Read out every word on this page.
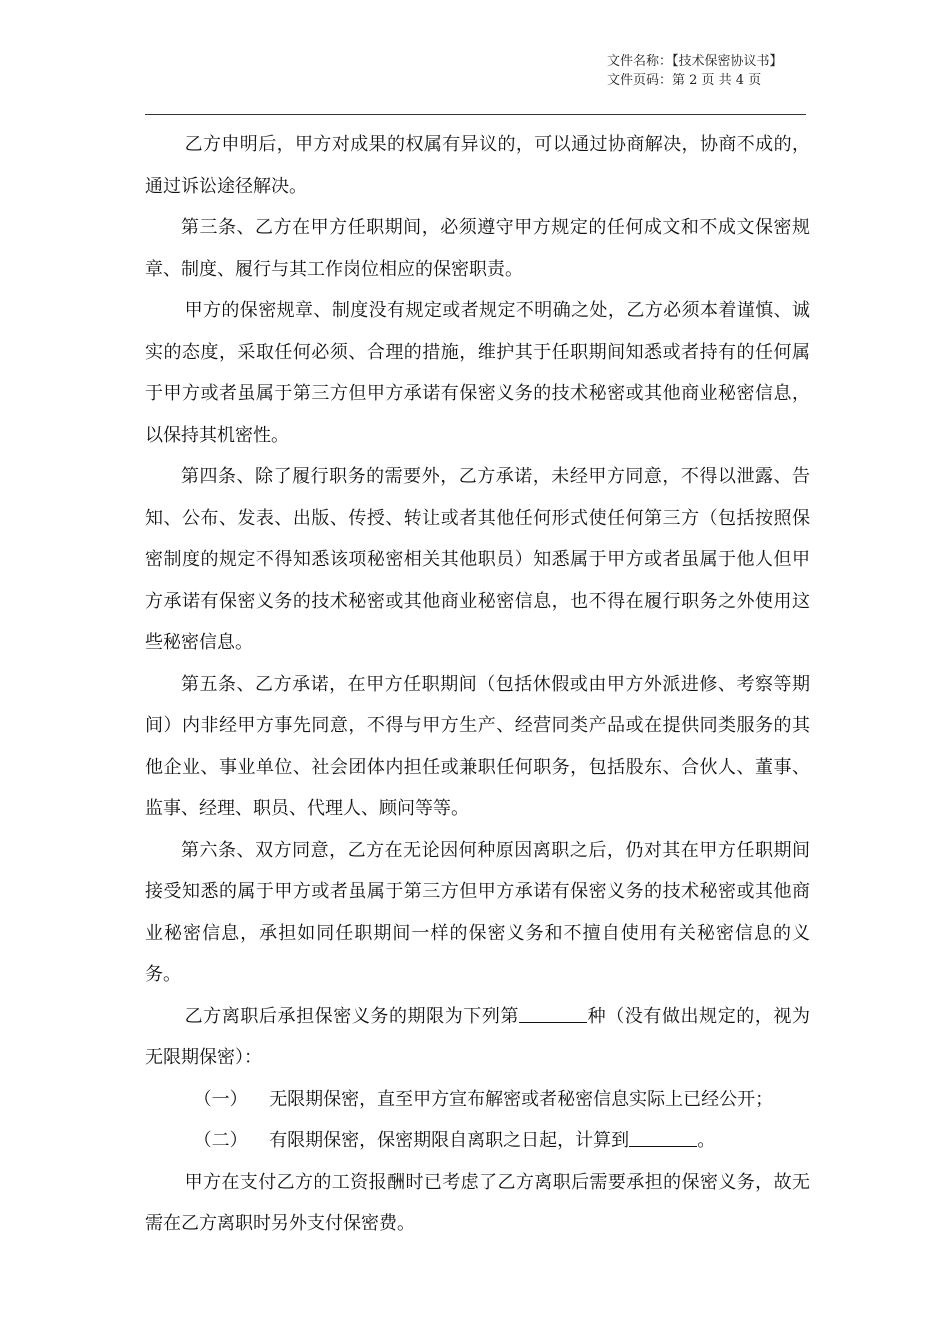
文件名称：【技术保密协议书】
文件页码：第 2 页 共 4 页

乙方申明后，甲方对成果的权属有异议的，可以通过协商解决，协商不成的，通过诉讼途径解决。

第三条、乙方在甲方任职期间，必须遵守甲方规定的任何成文和不成文保密规章、制度、履行与其工作岗位相应的保密职责。

甲方的保密规章、制度没有规定或者规定不明确之处，乙方必须本着谨慎、诚实的态度，采取任何必须、合理的措施，维护其于任职期间知悉或者持有的任何属于甲方或者虽属于第三方但甲方承诺有保密义务的技术秘密或其他商业秘密信息，以保持其机密性。

第四条、除了履行职务的需要外，乙方承诺，未经甲方同意，不得以泄露、告知、公布、发表、出版、传授、转让或者其他任何形式使任何第三方（包括按照保密制度的规定不得知悉该项秘密相关其他职员）知悉属于甲方或者虽属于他人但甲方承诺有保密义务的技术秘密或其他商业秘密信息，也不得在履行职务之外使用这些秘密信息。

第五条、乙方承诺，在甲方任职期间（包括休假或由甲方外派进修、考察等期间）内非经甲方事先同意，不得与甲方生产、经营同类产品或在提供同类服务的其他企业、事业单位、社会团体内担任或兼职任何职务，包括股东、合伙人、董事、监事、经理、职员、代理人、顾问等等。

第六条、双方同意，乙方在无论因何种原因离职之后，仍对其在甲方任职期间接受知悉的属于甲方或者虽属于第三方但甲方承诺有保密义务的技术秘密或其他商业秘密信息，承担如同任职期间一样的保密义务和不擅自使用有关秘密信息的义务。

乙方离职后承担保密义务的期限为下列第	种（没有做出规定的，视为无限期保密）：

（一） 无限期保密，直至甲方宣布解密或者秘密信息实际上已经公开；

（二） 有限期保密，保密期限自离职之日起，计算到	。

甲方在支付乙方的工资报酬时已考虑了乙方离职后需要承担的保密义务，故无需在乙方离职时另外支付保密费。
